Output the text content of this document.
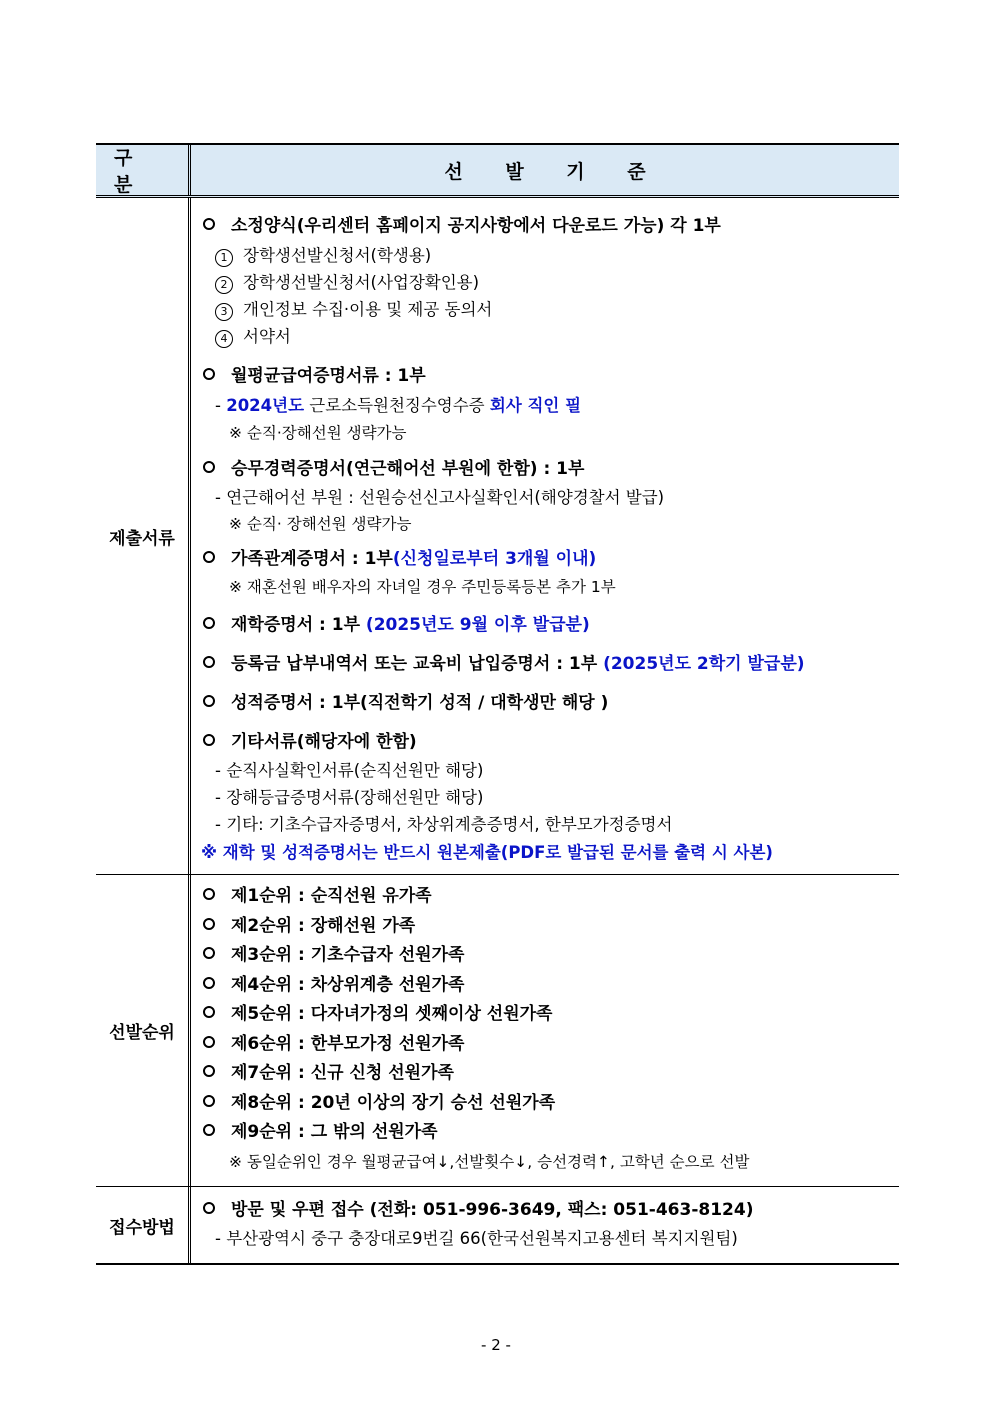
구 분
선 발 기 준
제출서류
소정양식(우리센터 홈페이지 공지사항에서 다운로드 가능) 각 1부
1 장학생선발신청서(학생용)
2 장학생선발신청서(사업장확인용)
3 개인정보 수집·이용 및 제공 동의서
4 서약서
월평균급여증명서류 : 1부
- 2024년도 근로소득원천징수영수증 회사 직인 필
※ 순직·장해선원 생략가능
승무경력증명서(연근해어선 부원에 한함) : 1부
- 연근해어선 부원 : 선원승선신고사실확인서(해양경찰서 발급)
※ 순직· 장해선원 생략가능
가족관계증명서 : 1부(신청일로부터 3개월 이내)
※ 재혼선원 배우자의 자녀일 경우 주민등록등본 추가 1부
재학증명서 : 1부 (2025년도 9월 이후 발급분)
등록금 납부내역서 또는 교육비 납입증명서 : 1부 (2025년도 2학기 발급분)
성적증명서 : 1부(직전학기 성적 / 대학생만 해당 )
기타서류(해당자에 한함)
- 순직사실확인서류(순직선원만 해당)
- 장해등급증명서류(장해선원만 해당)
- 기타: 기초수급자증명서, 차상위계층증명서, 한부모가정증명서
※ 재학 및 성적증명서는 반드시 원본제출(PDF로 발급된 문서를 출력 시 사본)
선발순위
제1순위 : 순직선원 유가족
제2순위 : 장해선원 가족
제3순위 : 기초수급자 선원가족
제4순위 : 차상위계층 선원가족
제5순위 : 다자녀가정의 셋째이상 선원가족
제6순위 : 한부모가정 선원가족
제7순위 : 신규 신청 선원가족
제8순위 : 20년 이상의 장기 승선 선원가족
제9순위 : 그 밖의 선원가족
※ 동일순위인 경우 월평균급여↓,선발횟수↓, 승선경력↑, 고학년 순으로 선발
접수방법
방문 및 우편 접수 (전화: 051-996-3649, 팩스: 051-463-8124)
- 부산광역시 중구 충장대로9번길 66(한국선원복지고용센터 복지지원팀)
- 2 -
